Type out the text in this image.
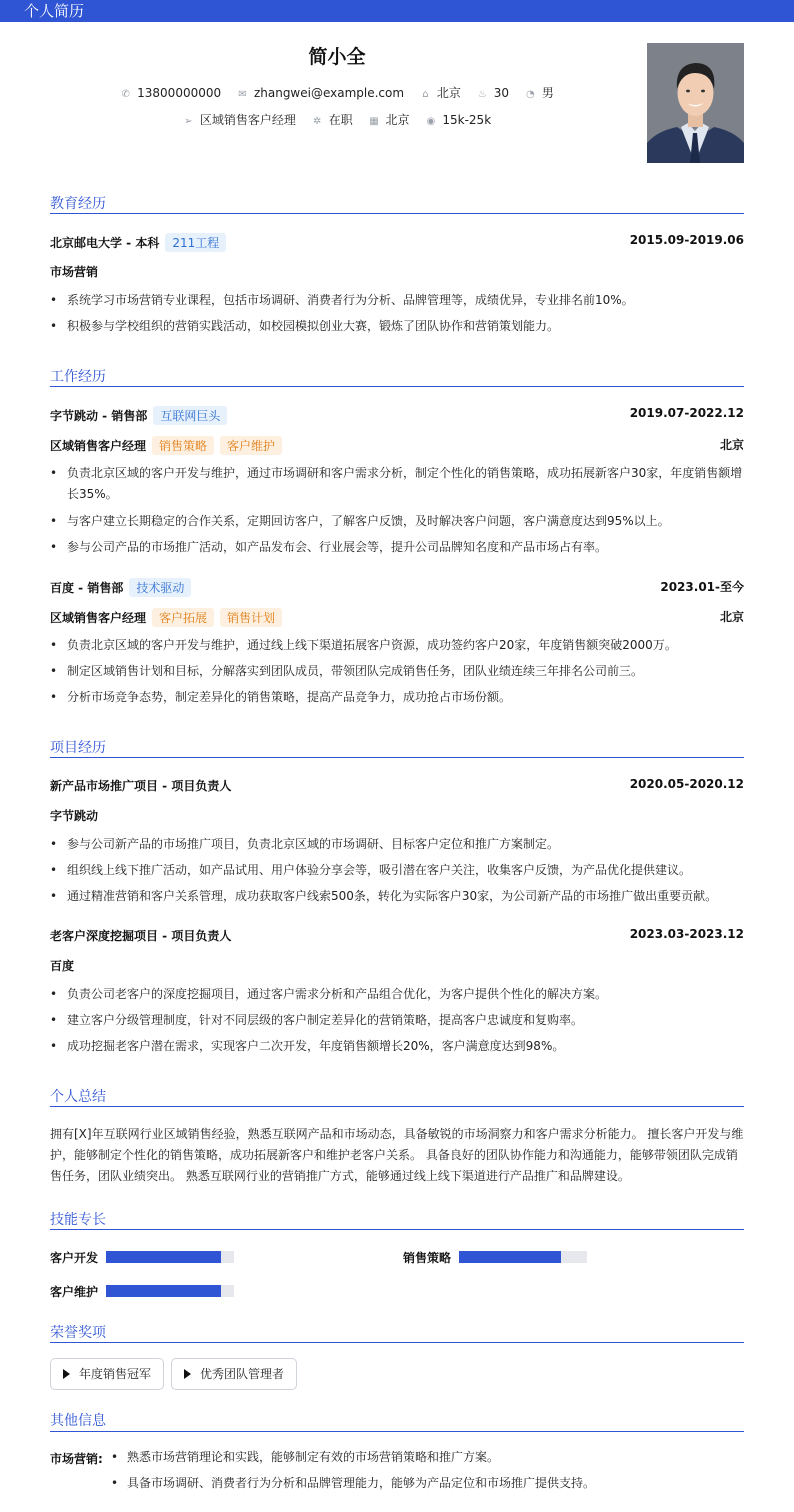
个人简历
简小全
✆ 13800000000 ✉ zhangwei@example.com ⌂ 北京 ♨ 30 ◔ 男
➢ 区域销售客户经理 ✲ 在职 ▦ 北京 ◉ 15k-25k
教育经历
北京邮电大学 - 本科 211工程	2015.09-2019.06
市场营销
• 系统学习市场营销专业课程，包括市场调研、消费者行为分析、品牌管理等，成绩优异，专业排名前10%。
• 积极参与学校组织的营销实践活动，如校园模拟创业大赛，锻炼了团队协作和营销策划能力。
工作经历
字节跳动 - 销售部 互联网巨头	2019.07-2022.12
区域销售客户经理 销售策略 客户维护	北京
• 负责北京区域的客户开发与维护，通过市场调研和客户需求分析，制定个性化的销售策略，成功拓展新客户30家，年度销售额增长35%。
• 与客户建立长期稳定的合作关系，定期回访客户，了解客户反馈，及时解决客户问题，客户满意度达到95%以上。
• 参与公司产品的市场推广活动，如产品发布会、行业展会等，提升公司品牌知名度和产品市场占有率。
百度 - 销售部 技术驱动	2023.01-至今
区域销售客户经理 客户拓展 销售计划	北京
• 负责北京区域的客户开发与维护，通过线上线下渠道拓展客户资源，成功签约客户20家，年度销售额突破2000万。
• 制定区域销售计划和目标，分解落实到团队成员，带领团队完成销售任务，团队业绩连续三年排名公司前三。
• 分析市场竞争态势，制定差异化的销售策略，提高产品竞争力，成功抢占市场份额。
项目经历
新产品市场推广项目 - 项目负责人	2020.05-2020.12
字节跳动
• 参与公司新产品的市场推广项目，负责北京区域的市场调研、目标客户定位和推广方案制定。
• 组织线上线下推广活动，如产品试用、用户体验分享会等，吸引潜在客户关注，收集客户反馈，为产品优化提供建议。
• 通过精准营销和客户关系管理，成功获取客户线索500条，转化为实际客户30家，为公司新产品的市场推广做出重要贡献。
老客户深度挖掘项目 - 项目负责人	2023.03-2023.12
百度
• 负责公司老客户的深度挖掘项目，通过客户需求分析和产品组合优化，为客户提供个性化的解决方案。
• 建立客户分级管理制度，针对不同层级的客户制定差异化的营销策略，提高客户忠诚度和复购率。
• 成功挖掘老客户潜在需求，实现客户二次开发，年度销售额增长20%，客户满意度达到98%。
个人总结
拥有[X]年互联网行业区域销售经验，熟悉互联网产品和市场动态，具备敏锐的市场洞察力和客户需求分析能力。 擅长客户开发与维
护，能够制定个性化的销售策略，成功拓展新客户和维护老客户关系。 具备良好的团队协作能力和沟通能力，能够带领团队完成销
售任务，团队业绩突出。 熟悉互联网行业的营销推广方式，能够通过线上线下渠道进行产品推广和品牌建设。
技能专长
客户开发	销售策略
客户维护
荣誉奖项
年度销售冠军	优秀团队管理者
其他信息
市场营销:
•	熟悉市场营销理论和实践，能够制定有效的市场营销策略和推广方案。
• 具备市场调研、消费者行为分析和品牌管理能力，能够为产品定位和市场推广提供支持。
